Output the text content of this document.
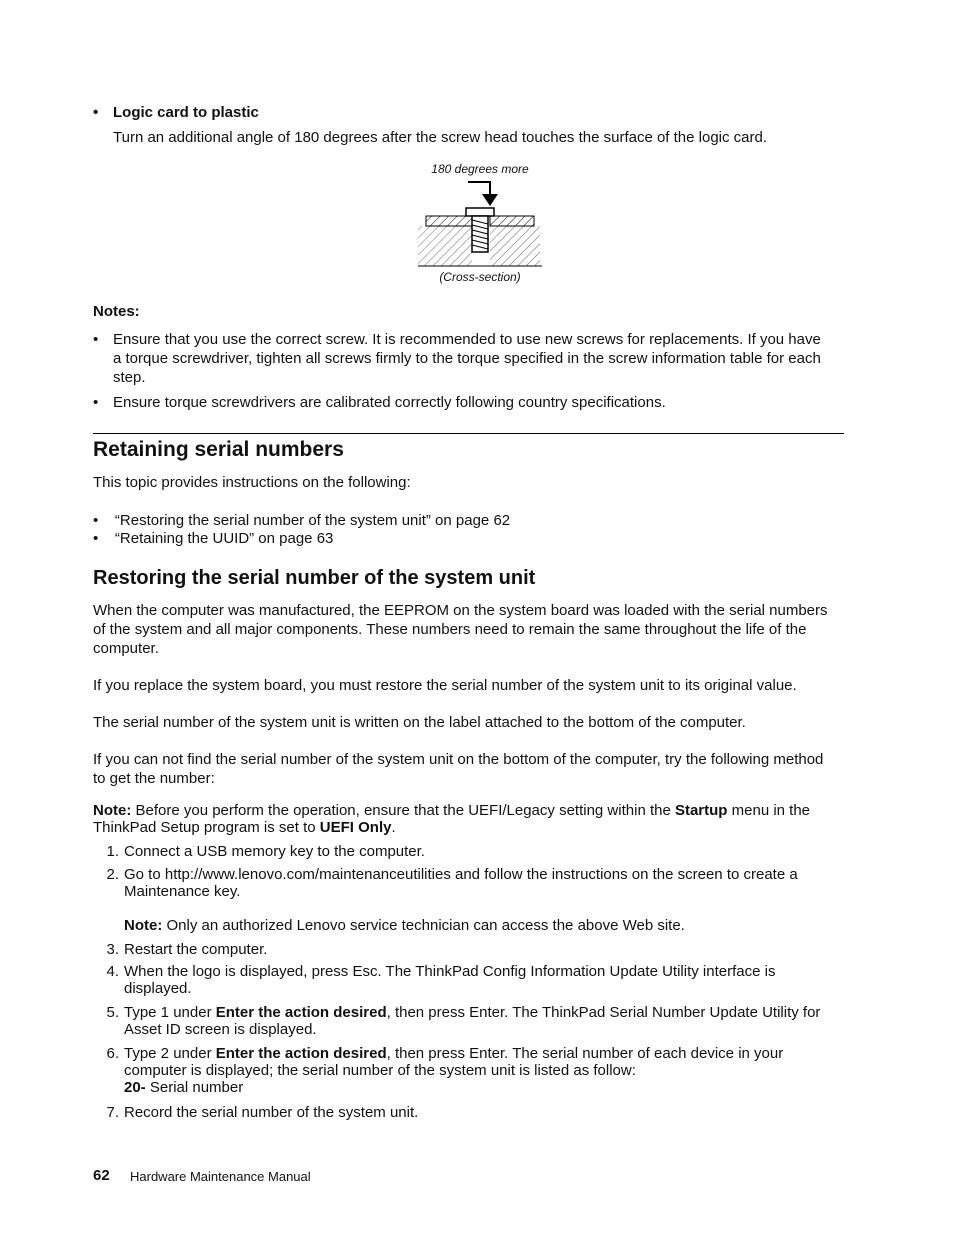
• Logic card to plastic
Turn an additional angle of 180 degrees after the screw head touches the surface of the logic card.
180 degrees more
(Cross-section)
Notes:
• Ensure that you use the correct screw. It is recommended to use new screws for replacements. If you have a torque screwdriver, tighten all screws firmly to the torque specified in the screw information table for each step.
• Ensure torque screwdrivers are calibrated correctly following country specifications.
Retaining serial numbers
This topic provides instructions on the following:
•    “Restoring the serial number of the system unit” on page 62
•    “Retaining the UUID” on page 63
Restoring the serial number of the system unit
When the computer was manufactured, the EEPROM on the system board was loaded with the serial numbers of the system and all major components. These numbers need to remain the same throughout the life of the computer.
If you replace the system board, you must restore the serial number of the system unit to its original value.
The serial number of the system unit is written on the label attached to the bottom of the computer.
If you can not find the serial number of the system unit on the bottom of the computer, try the following method to get the number:
Note: Before you perform the operation, ensure that the UEFI/Legacy setting within the Startup menu in the ThinkPad Setup program is set to UEFI Only.
1. Connect a USB memory key to the computer.
2. Go to http://www.lenovo.com/maintenanceutilities and follow the instructions on the screen to create a Maintenance key.
Note: Only an authorized Lenovo service technician can access the above Web site.
3. Restart the computer.
4. When the logo is displayed, press Esc. The ThinkPad Config Information Update Utility interface is displayed.
5. Type 1 under Enter the action desired, then press Enter. The ThinkPad Serial Number Update Utility for Asset ID screen is displayed.
6. Type 2 under Enter the action desired, then press Enter. The serial number of each device in your computer is displayed; the serial number of the system unit is listed as follow:
20- Serial number
7. Record the serial number of the system unit.
62 Hardware Maintenance Manual
